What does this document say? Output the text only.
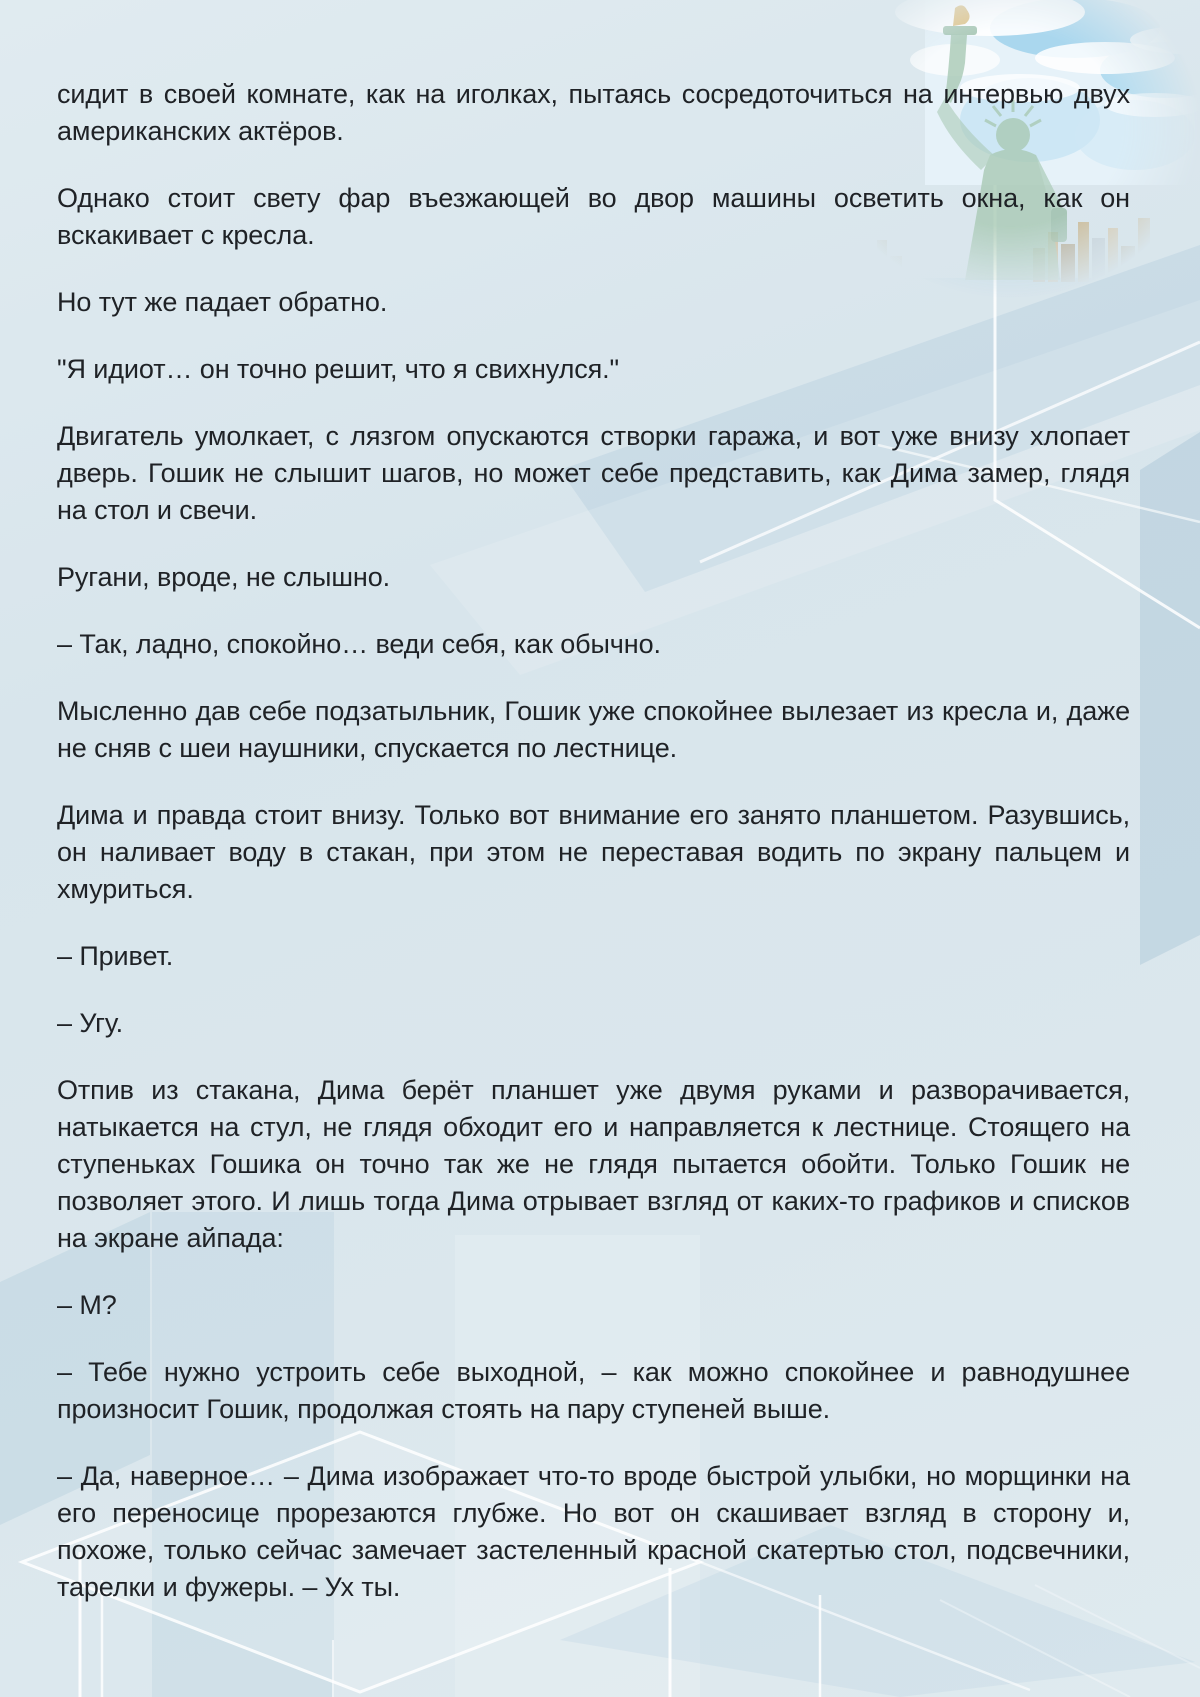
сидит в своей комнате, как на иголках, пытаясь сосредоточиться на интервью двух американских актёров.

Однако стоит свету фар въезжающей во двор машины осветить окна, как он вскакивает с кресла.

Но тут же падает обратно.

"Я идиот… он точно решит, что я свихнулся."

Двигатель умолкает, с лязгом опускаются створки гаража, и вот уже внизу хлопает дверь. Гошик не слышит шагов, но может себе представить, как Дима замер, глядя на стол и свечи.

Ругани, вроде, не слышно.

– Так, ладно, спокойно… веди себя, как обычно.

Мысленно дав себе подзатыльник, Гошик уже спокойнее вылезает из кресла и, даже не сняв с шеи наушники, спускается по лестнице.

Дима и правда стоит внизу. Только вот внимание его занято планшетом. Разувшись, он наливает воду в стакан, при этом не переставая водить по экрану пальцем и хмуриться.

– Привет.

– Угу.

Отпив из стакана, Дима берёт планшет уже двумя руками и разворачивается, натыкается на стул, не глядя обходит его и направляется к лестнице. Стоящего на ступеньках Гошика он точно так же не глядя пытается обойти. Только Гошик не позволяет этого. И лишь тогда Дима отрывает взгляд от каких-то графиков и списков на экране айпада:

– М?

– Тебе нужно устроить себе выходной, – как можно спокойнее и равнодушнее произносит Гошик, продолжая стоять на пару ступеней выше.

– Да, наверное… – Дима изображает что-то вроде быстрой улыбки, но морщинки на его переносице прорезаются глубже. Но вот он скашивает взгляд в сторону и, похоже, только сейчас замечает застеленный красной скатертью стол, подсвечники, тарелки и фужеры. – Ух ты.
